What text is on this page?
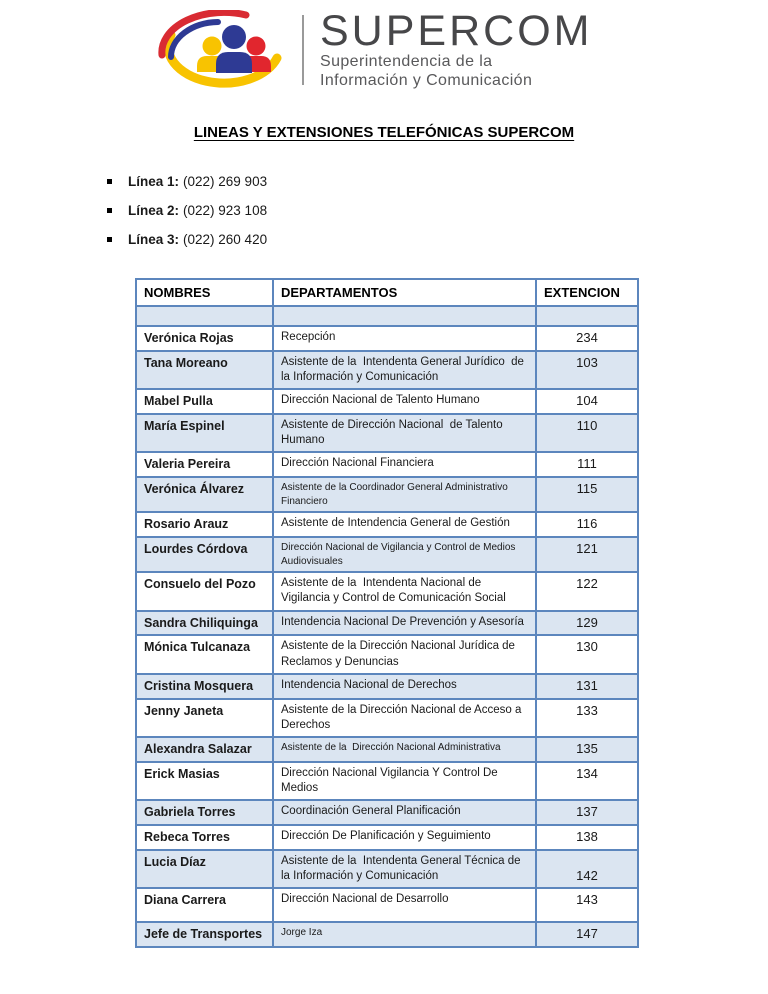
SUPERCOM
Superintendencia de la
Información y Comunicación
LINEAS Y EXTENSIONES TELEFÓNICAS SUPERCOM
Línea 1: (022) 269 903
Línea 2: (022) 923 108
Línea 3: (022) 260 420
NOMBRES	DEPARTAMENTOS	EXTENCION

Verónica Rojas	Recepción	234
Tana Moreano	Asistente de la  Intendenta General Jurídico  de la Información y Comunicación	103
Mabel Pulla	Dirección Nacional de Talento Humano	104
María Espinel	Asistente de Dirección Nacional  de Talento Humano	110
Valeria Pereira	Dirección Nacional Financiera	111
Verónica Álvarez	Asistente de la Coordinador General Administrativo Financiero	115
Rosario Arauz	Asistente de Intendencia General de Gestión	116
Lourdes Córdova	Dirección Nacional de Vigilancia y Control de Medios Audiovisuales	121
Consuelo del Pozo	Asistente de la  Intendenta Nacional de Vigilancia y Control de Comunicación Social	122
Sandra Chiliquinga	Intendencia Nacional De Prevención y Asesoría	129
Mónica Tulcanaza	Asistente de la Dirección Nacional Jurídica de Reclamos y Denuncias	130
Cristina Mosquera	Intendencia Nacional de Derechos	131
Jenny Janeta	Asistente de la Dirección Nacional de Acceso a Derechos	133
Alexandra Salazar	Asistente de la  Dirección Nacional Administrativa	135
Erick Masias	Dirección Nacional Vigilancia Y Control De Medios	134
Gabriela Torres	Coordinación General Planificación	137
Rebeca Torres	Dirección De Planificación y Seguimiento	138
Lucia Díaz	Asistente de la  Intendenta General Técnica de la Información y Comunicación	142
Diana Carrera	Dirección Nacional de Desarrollo	143
Jefe de Transportes	Jorge Iza	147
